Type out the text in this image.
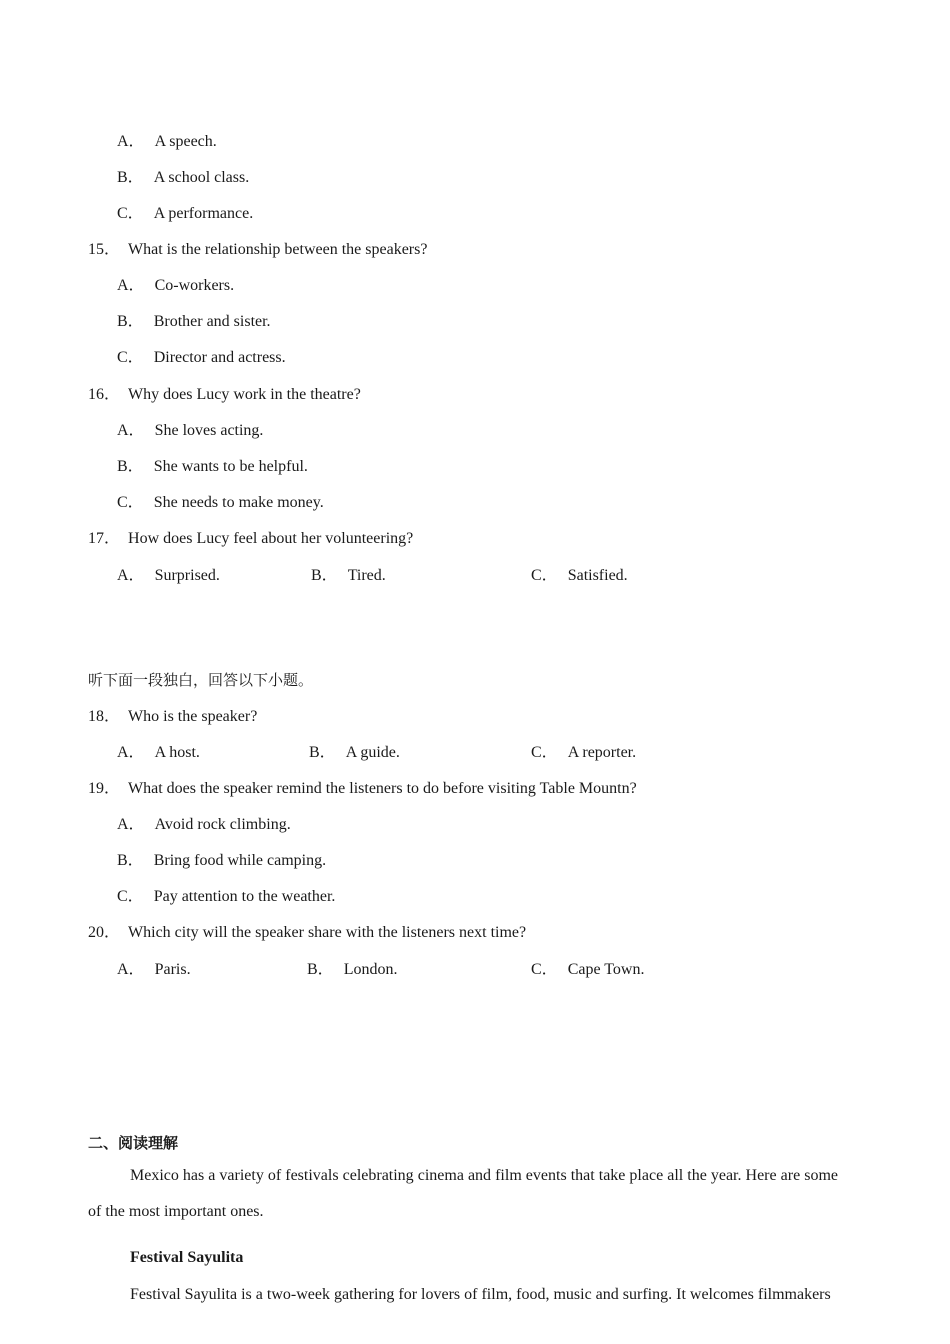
A． A speech.
B． A school class.
C． A performance.
15． What is the relationship between the speakers?
A． Co-workers.
B． Brother and sister.
C． Director and actress.
16． Why does Lucy work in the theatre?
A． She loves acting.
B． She wants to be helpful.
C． She needs to make money.
17． How does Lucy feel about her volunteering?
A． Surprised.	B． Tired.	C． Satisfied.
听下面一段独白，回答以下小题。
18． Who is the speaker?
A． A host.	B． A guide.	C． A reporter.
19． What does the speaker remind the listeners to do before visiting Table Mountn?
A． Avoid rock climbing.
B． Bring food while camping.
C． Pay attention to the weather.
20． Which city will the speaker share with the listeners next time?
A． Paris.	B． London.	C． Cape Town.
二、阅读理解
Mexico has a variety of festivals celebrating cinema and film events that take place all the year. Here are some of the most important ones.
Festival Sayulita
Festival Sayulita is a two-week gathering for lovers of film, food, music and surfing. It welcomes filmmakers
